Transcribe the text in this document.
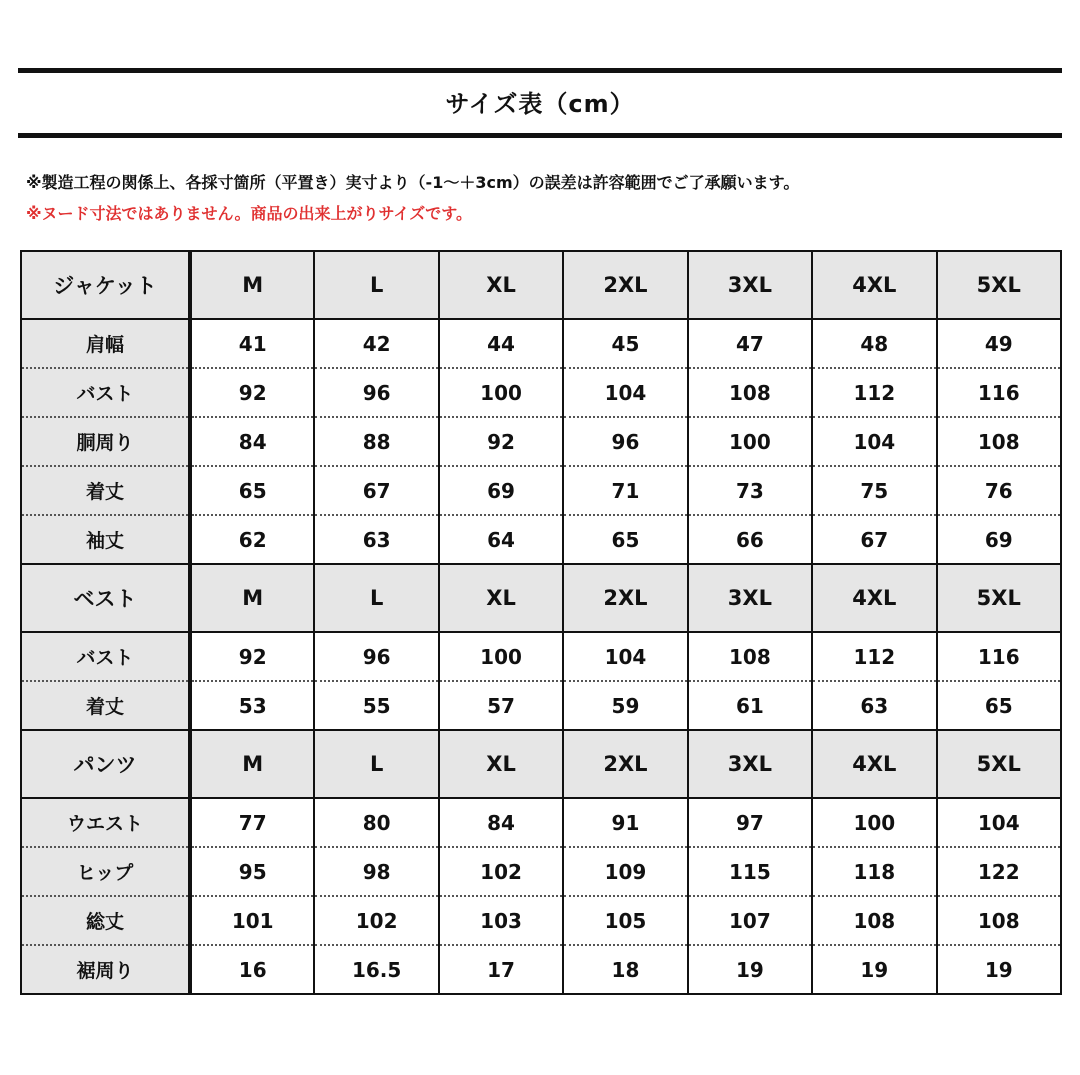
サイズ表（cm）
※製造工程の関係上、各採寸箇所（平置き）実寸より（-1～＋3cm）の誤差は許容範囲でご了承願います。
※ヌード寸法ではありません。商品の出来上がりサイズです。
ジャケット	M	L	XL	2XL	3XL	4XL	5XL
肩幅	41	42	44	45	47	48	49
バスト	92	96	100	104	108	112	116
胴周り	84	88	92	96	100	104	108
着丈	65	67	69	71	73	75	76
袖丈	62	63	64	65	66	67	69
ベスト	M	L	XL	2XL	3XL	4XL	5XL
バスト	92	96	100	104	108	112	116
着丈	53	55	57	59	61	63	65
パンツ	M	L	XL	2XL	3XL	4XL	5XL
ウエスト	77	80	84	91	97	100	104
ヒップ	95	98	102	109	115	118	122
総丈	101	102	103	105	107	108	108
裾周り	16	16.5	17	18	19	19	19
